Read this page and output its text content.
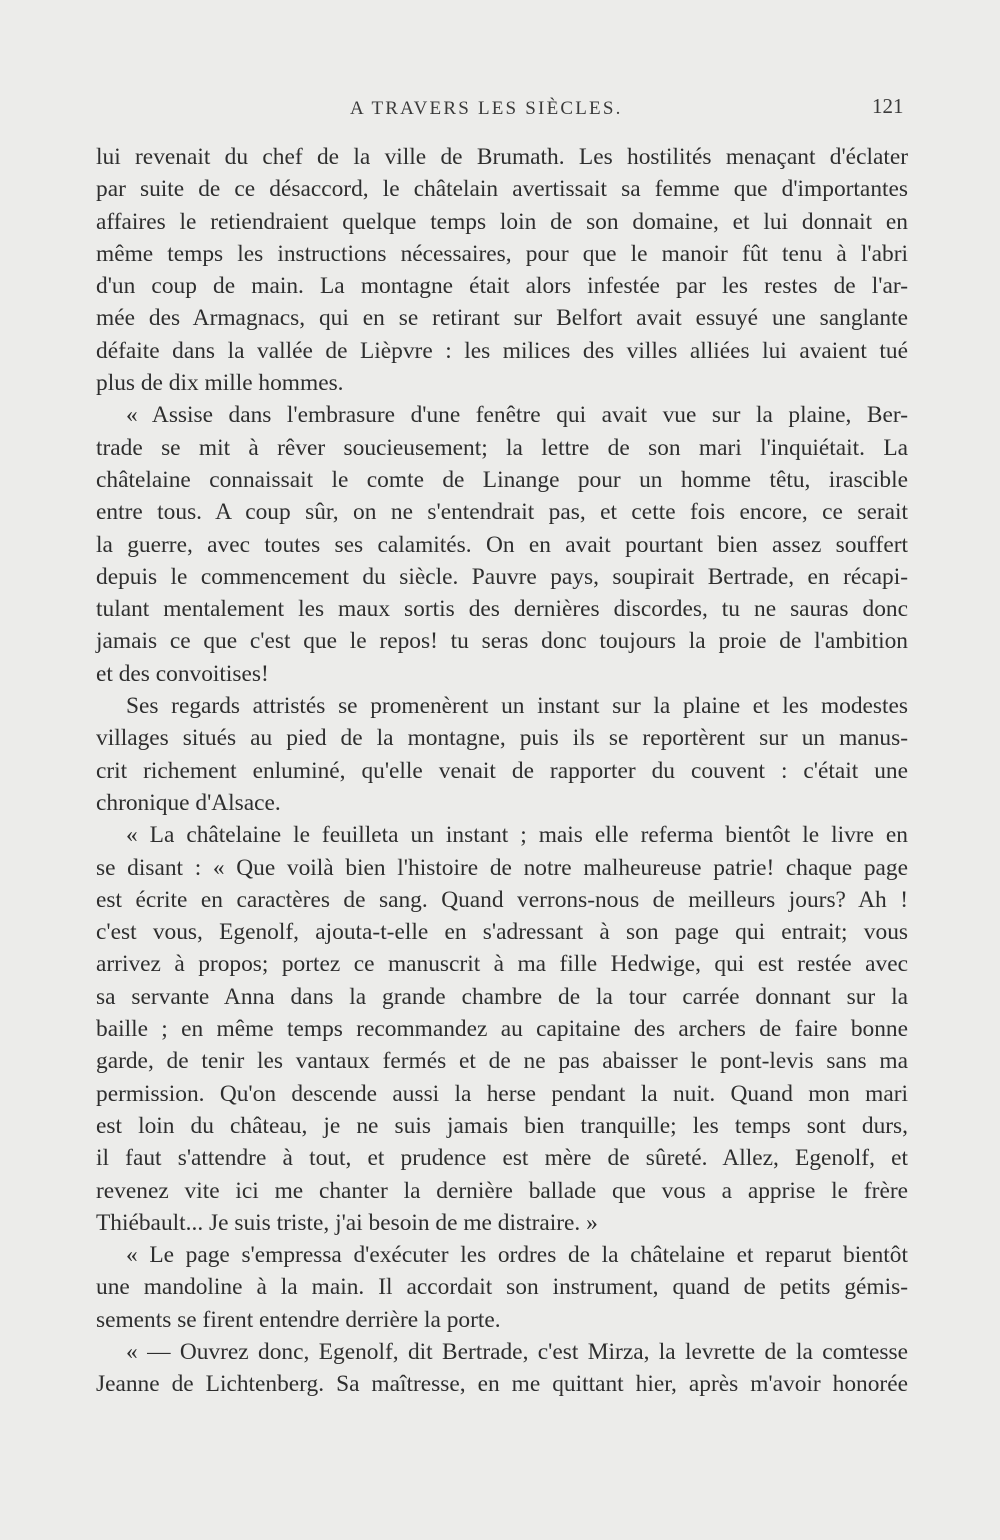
A TRAVERS LES SIÈCLES.	121
lui revenait du chef de la ville de Brumath. Les hostilités menaçant d'éclater
par suite de ce désaccord, le châtelain avertissait sa femme que d'importantes
affaires le retiendraient quelque temps loin de son domaine, et lui donnait en
même temps les instructions nécessaires, pour que le manoir fût tenu à l'abri
d'un coup de main. La montagne était alors infestée par les restes de l'ar-
mée des Armagnacs, qui en se retirant sur Belfort avait essuyé une sanglante
défaite dans la vallée de Lièpvre : les milices des villes alliées lui avaient tué
plus de dix mille hommes.
« Assise dans l'embrasure d'une fenêtre qui avait vue sur la plaine, Ber-
trade se mit à rêver soucieusement; la lettre de son mari l'inquiétait. La
châtelaine connaissait le comte de Linange pour un homme têtu, irascible
entre tous. A coup sûr, on ne s'entendrait pas, et cette fois encore, ce serait
la guerre, avec toutes ses calamités. On en avait pourtant bien assez souffert
depuis le commencement du siècle. Pauvre pays, soupirait Bertrade, en récapi-
tulant mentalement les maux sortis des dernières discordes, tu ne sauras donc
jamais ce que c'est que le repos! tu seras donc toujours la proie de l'ambition
et des convoitises!
Ses regards attristés se promenèrent un instant sur la plaine et les modestes
villages situés au pied de la montagne, puis ils se reportèrent sur un manus-
crit richement enluminé, qu'elle venait de rapporter du couvent : c'était une
chronique d'Alsace.
« La châtelaine le feuilleta un instant ; mais elle referma bientôt le livre en
se disant : « Que voilà bien l'histoire de notre malheureuse patrie! chaque page
est écrite en caractères de sang. Quand verrons-nous de meilleurs jours? Ah !
c'est vous, Egenolf, ajouta-t-elle en s'adressant à son page qui entrait; vous
arrivez à propos; portez ce manuscrit à ma fille Hedwige, qui est restée avec
sa servante Anna dans la grande chambre de la tour carrée donnant sur la
baille ; en même temps recommandez au capitaine des archers de faire bonne
garde, de tenir les vantaux fermés et de ne pas abaisser le pont-levis sans ma
permission. Qu'on descende aussi la herse pendant la nuit. Quand mon mari
est loin du château, je ne suis jamais bien tranquille; les temps sont durs,
il faut s'attendre à tout, et prudence est mère de sûreté. Allez, Egenolf, et
revenez vite ici me chanter la dernière ballade que vous a apprise le frère
Thiébault... Je suis triste, j'ai besoin de me distraire. »
« Le page s'empressa d'exécuter les ordres de la châtelaine et reparut bientôt
une mandoline à la main. Il accordait son instrument, quand de petits gémis-
sements se firent entendre derrière la porte.
« — Ouvrez donc, Egenolf, dit Bertrade, c'est Mirza, la levrette de la comtesse
Jeanne de Lichtenberg. Sa maîtresse, en me quittant hier, après m'avoir honorée
